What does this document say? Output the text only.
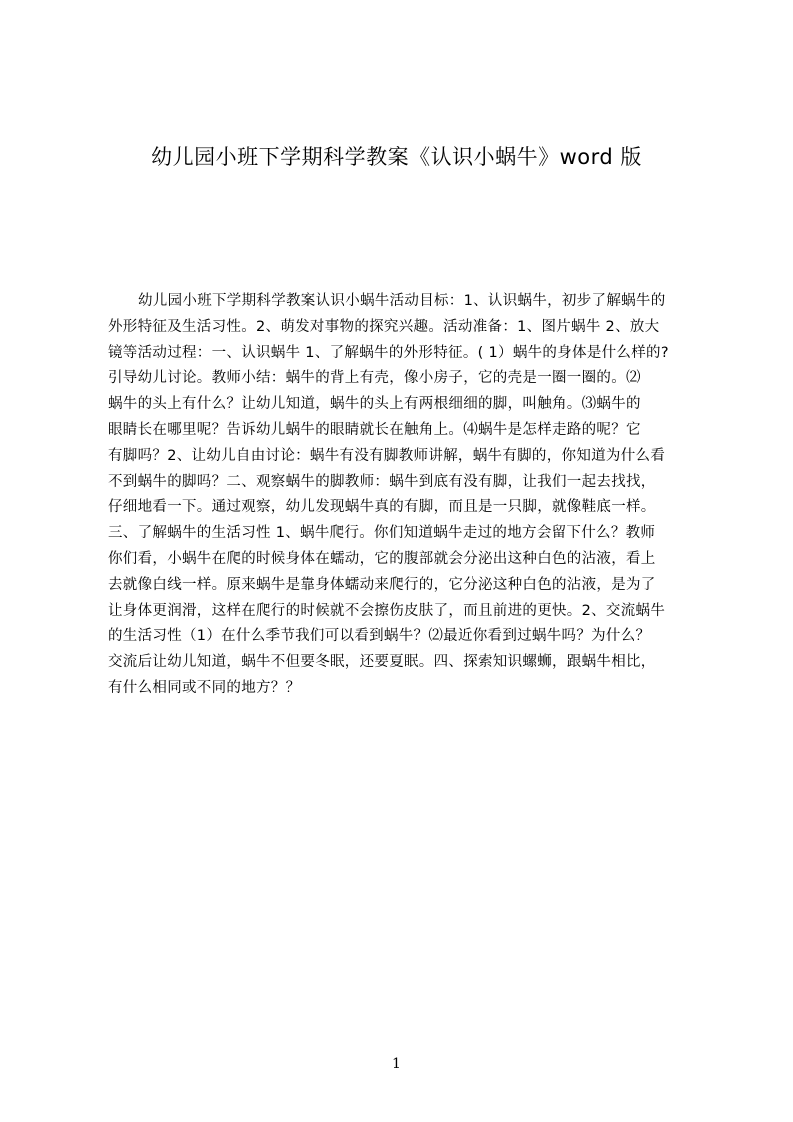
幼儿园小班下学期科学教案《认识小蜗牛》word 版
幼儿园小班下学期科学教案认识小蜗牛活动目标：1、认识蜗牛，初步了解蜗牛的
外形特征及生活习性。2、萌发对事物的探究兴趣。活动准备：1、图片蜗牛 2、放大
镜等活动过程：一、认识蜗牛 1、了解蜗牛的外形特征。( 1）蜗牛的身体是什么样的?
引导幼儿讨论。教师小结：蜗牛的背上有壳，像小房子，它的壳是一圈一圈的。⑵
蜗牛的头上有什么？让幼儿知道，蜗牛的头上有两根细细的脚，叫触角。⑶蜗牛的
眼睛长在哪里呢？告诉幼儿蜗牛的眼睛就长在触角上。⑷蜗牛是怎样走路的呢？它
有脚吗？2、让幼儿自由讨论：蜗牛有没有脚教师讲解，蜗牛有脚的，你知道为什么看
不到蜗牛的脚吗？二、观察蜗牛的脚教师：蜗牛到底有没有脚，让我们一起去找找，
仔细地看一下。通过观察，幼儿发现蜗牛真的有脚，而且是一只脚，就像鞋底一样。
三、了解蜗牛的生活习性 1、蜗牛爬行。你们知道蜗牛走过的地方会留下什么？教师
你们看，小蜗牛在爬的时候身体在蠕动，它的腹部就会分泌出这种白色的沾液，看上
去就像白线一样。原来蜗牛是靠身体蠕动来爬行的，它分泌这种白色的沾液，是为了
让身体更润滑，这样在爬行的时候就不会擦伤皮肤了，而且前进的更快。2、交流蜗牛
的生活习性（1）在什么季节我们可以看到蜗牛？⑵最近你看到过蜗牛吗？为什么？
交流后让幼儿知道，蜗牛不但要冬眠，还要夏眠。四、探索知识螺蛳，跟蜗牛相比，
有什么相同或不同的地方？？
1
